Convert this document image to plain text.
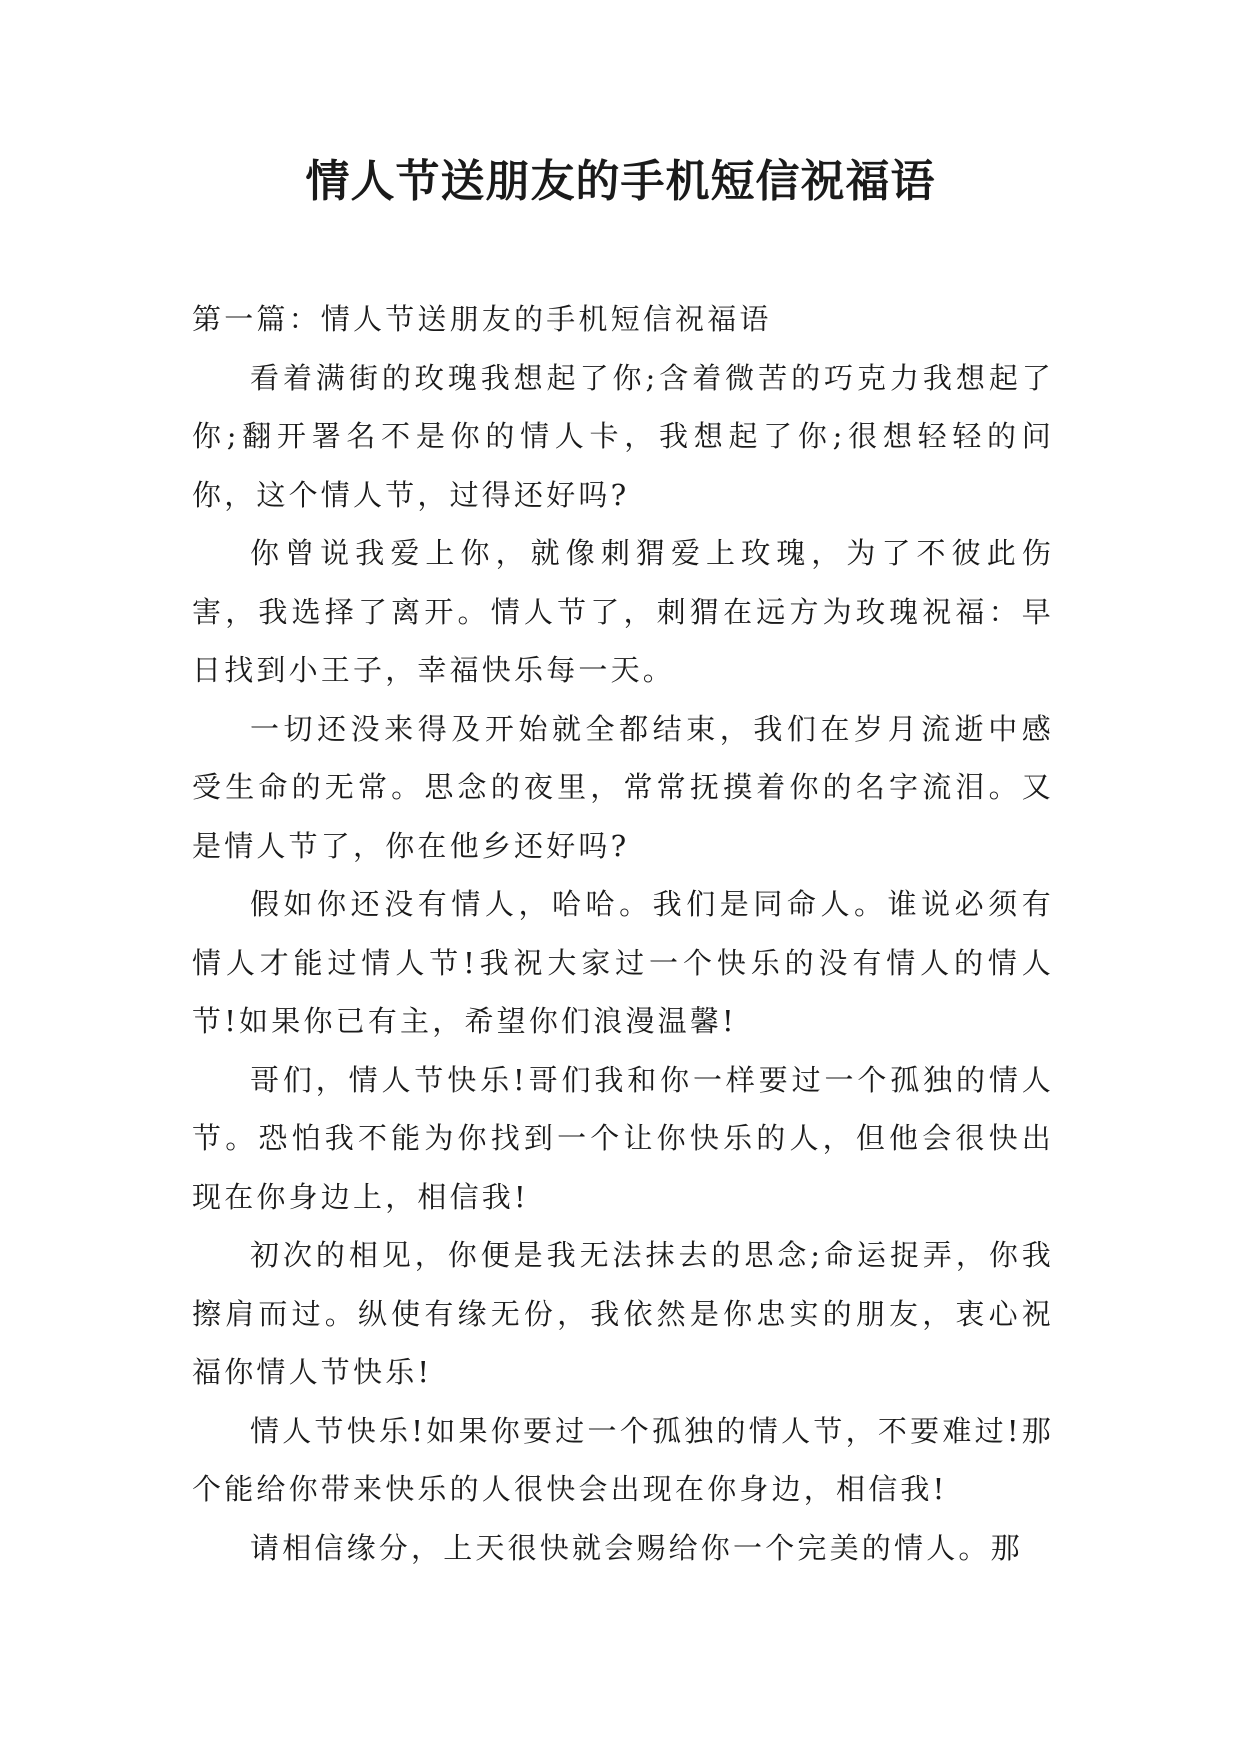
情人节送朋友的手机短信祝福语

第一篇：情人节送朋友的手机短信祝福语

看着满街的玫瑰我想起了你;含着微苦的巧克力我想起了你;翻开署名不是你的情人卡，我想起了你;很想轻轻的问你，这个情人节，过得还好吗?

你曾说我爱上你，就像刺猬爱上玫瑰，为了不彼此伤害，我选择了离开。情人节了，刺猬在远方为玫瑰祝福：早日找到小王子，幸福快乐每一天。

一切还没来得及开始就全都结束，我们在岁月流逝中感受生命的无常。思念的夜里，常常抚摸着你的名字流泪。又是情人节了，你在他乡还好吗?

假如你还没有情人，哈哈。我们是同命人。谁说必须有情人才能过情人节!我祝大家过一个快乐的没有情人的情人节!如果你已有主，希望你们浪漫温馨!

哥们，情人节快乐!哥们我和你一样要过一个孤独的情人节。恐怕我不能为你找到一个让你快乐的人，但他会很快出现在你身边上，相信我!

初次的相见，你便是我无法抹去的思念;命运捉弄，你我擦肩而过。纵使有缘无份，我依然是你忠实的朋友，衷心祝福你情人节快乐!

情人节快乐!如果你要过一个孤独的情人节，不要难过!那个能给你带来快乐的人很快会出现在你身边，相信我!

请相信缘分，上天很快就会赐给你一个完美的情人。那
